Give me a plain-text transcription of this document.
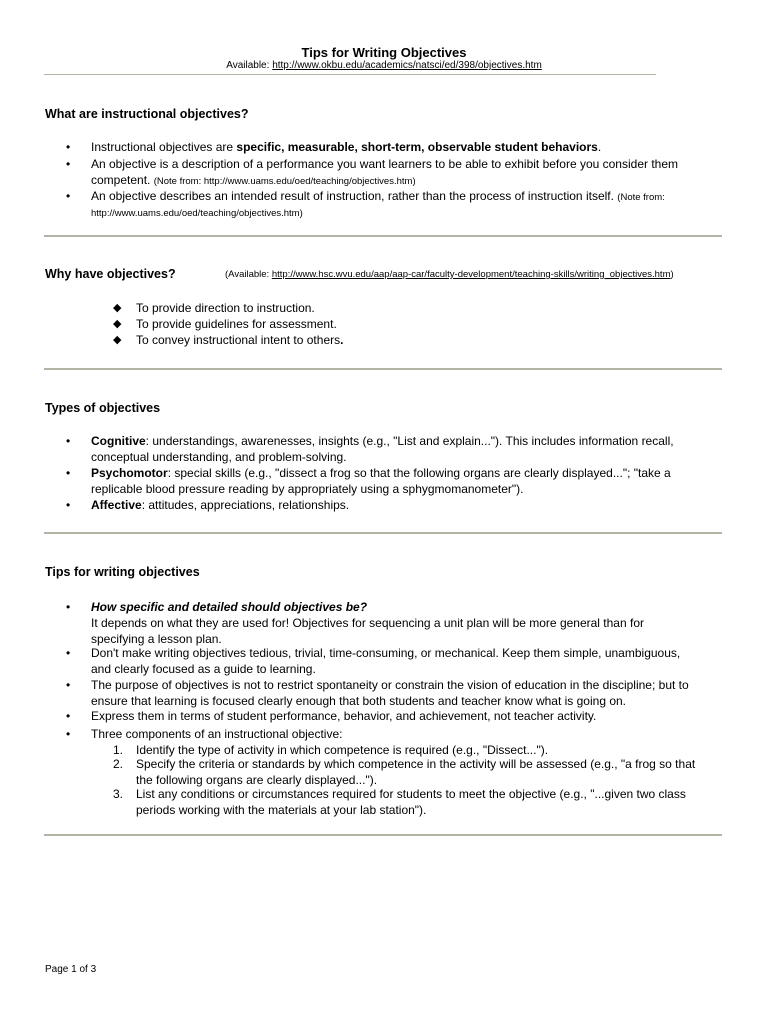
Tips for Writing Objectives
Available: http://www.okbu.edu/academics/natsci/ed/398/objectives.htm
What are instructional objectives?
•	Instructional objectives are specific, measurable, short-term, observable student behaviors.
•	An objective is a description of a performance you want learners to be able to exhibit before you consider them
competent. (Note from: http://www.uams.edu/oed/teaching/objectives.htm)
•	An objective describes an intended result of instruction, rather than the process of instruction itself. (Note from:
http://www.uams.edu/oed/teaching/objectives.htm)
Why have objectives?	(Available: http://www.hsc.wvu.edu/aap/aap-car/faculty-development/teaching-skills/writing_objectives.htm)
◆ To provide direction to instruction.
◆ To provide guidelines for assessment.
◆ To convey instructional intent to others.
Types of objectives
•	Cognitive: understandings, awarenesses, insights (e.g., "List and explain..."). This includes information recall,
conceptual understanding, and problem-solving.
•	Psychomotor: special skills (e.g., "dissect a frog so that the following organs are clearly displayed..."; "take a
replicable blood pressure reading by appropriately using a sphygmomanometer").
•	Affective: attitudes, appreciations, relationships.
Tips for writing objectives
•	How specific and detailed should objectives be?
It depends on what they are used for! Objectives for sequencing a unit plan will be more general than for
specifying a lesson plan.
•	Don't make writing objectives tedious, trivial, time-consuming, or mechanical. Keep them simple, unambiguous,
and clearly focused as a guide to learning.
•	The purpose of objectives is not to restrict spontaneity or constrain the vision of education in the discipline; but to
ensure that learning is focused clearly enough that both students and teacher know what is going on.
•	Express them in terms of student performance, behavior, and achievement, not teacher activity.
•	Three components of an instructional objective:
1. Identify the type of activity in which competence is required (e.g., "Dissect...").
2. Specify the criteria or standards by which competence in the activity will be assessed (e.g., "a frog so that
the following organs are clearly displayed...").
3. List any conditions or circumstances required for students to meet the objective (e.g., "...given two class
periods working with the materials at your lab station").
Page 1 of 3
